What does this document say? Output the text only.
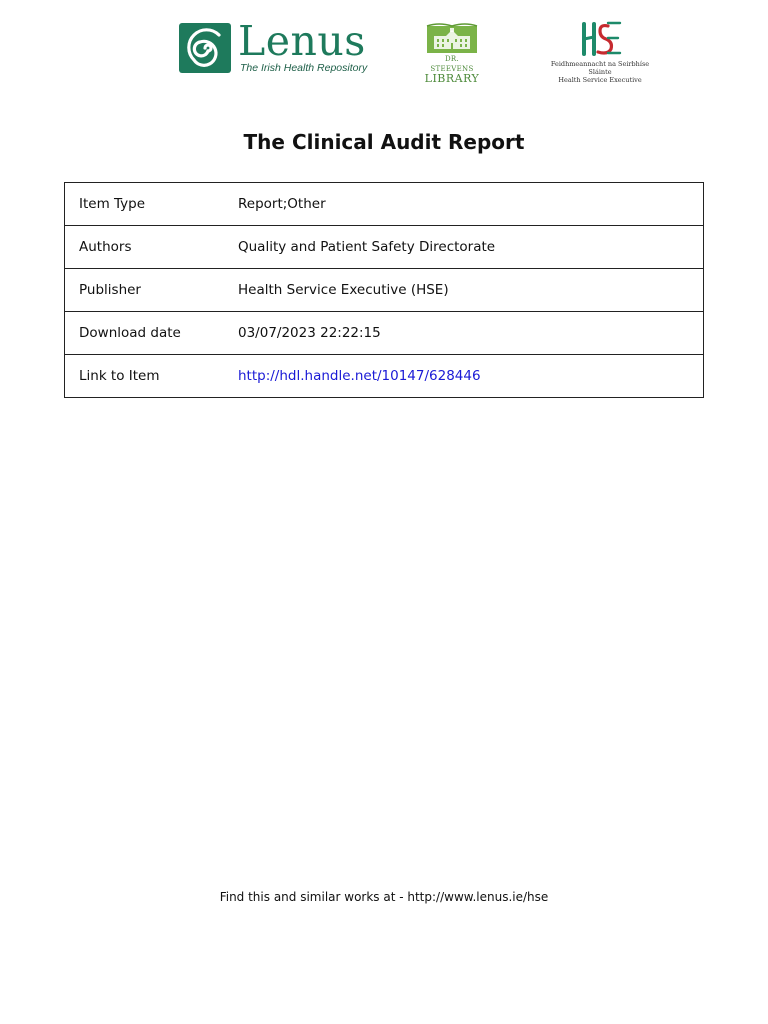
Lenus
The Irish Health Repository
DR. STEEVENS
LIBRARY
Feidhmeannacht na Seirbhíse Sláinte
Health Service Executive
The Clinical Audit Report
Item Type	Report;Other
Authors	Quality and Patient Safety Directorate
Publisher	Health Service Executive (HSE)
Download date	03/07/2023 22:22:15
Link to Item	http://hdl.handle.net/10147/628446
Find this and similar works at - http://www.lenus.ie/hse
